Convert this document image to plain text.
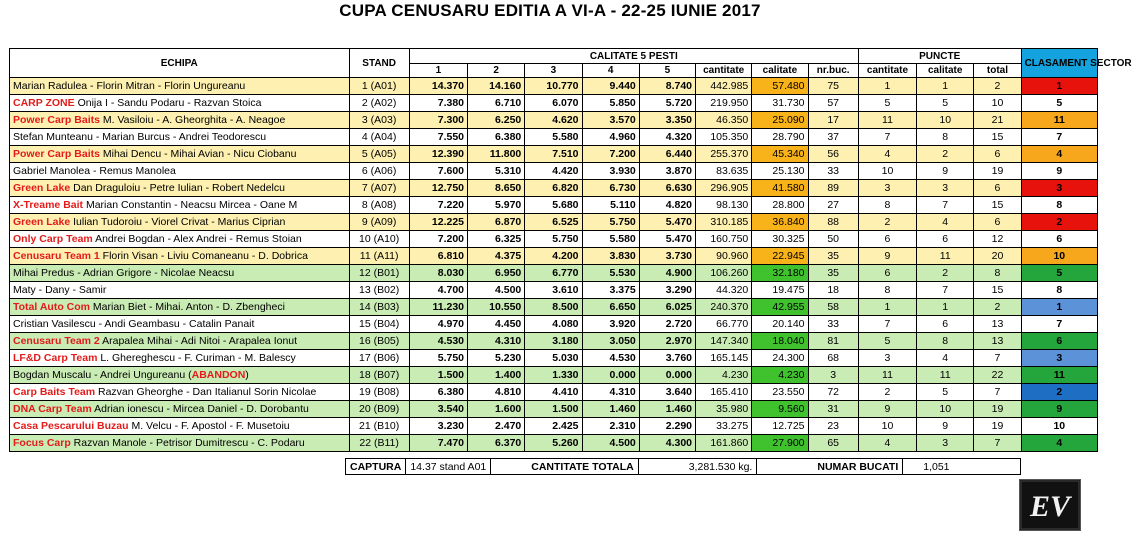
CUPA CENUSARU EDITIA A VI-A - 22-25 IUNIE 2017
ECHIPA	STAND	CALITATE 5 PESTI								PUNCTE			CLASAMENT SECTOR
		1	2	3	4	5	cantitate	calitate	nr.buc.	cantitate	calitate	total	
Marian Radulea - Florin Mitran - Florin Ungureanu	1 (A01)	14.370	14.160	10.770	9.440	8.740	442.985	57.480	75	1	1	2	1
CARP ZONE Onija I - Sandu Podaru - Razvan Stoica	2 (A02)	7.380	6.710	6.070	5.850	5.720	219.950	31.730	57	5	5	10	5
Power Carp Baits M. Vasiloiu - A. Gheorghita - A. Neagoe	3 (A03)	7.300	6.250	4.620	3.570	3.350	46.350	25.090	17	11	10	21	11
Stefan Munteanu - Marian Burcus - Andrei Teodorescu	4 (A04)	7.550	6.380	5.580	4.960	4.320	105.350	28.790	37	7	8	15	7
Power Carp Baits Mihai Dencu - Mihai Avian - Nicu Ciobanu	5 (A05)	12.390	11.800	7.510	7.200	6.440	255.370	45.340	56	4	2	6	4
Gabriel Manolea - Remus Manolea	6 (A06)	7.600	5.310	4.420	3.930	3.870	83.635	25.130	33	10	9	19	9
Green Lake Dan Draguloiu - Petre Iulian - Robert Nedelcu	7 (A07)	12.750	8.650	6.820	6.730	6.630	296.905	41.580	89	3	3	6	3
X-Treame Bait Marian Constantin - Neacsu Mircea - Oane M	8 (A08)	7.220	5.970	5.680	5.110	4.820	98.130	28.800	27	8	7	15	8
Green Lake Iulian Tudoroiu - Viorel Crivat - Marius Ciprian	9 (A09)	12.225	6.870	6.525	5.750	5.470	310.185	36.840	88	2	4	6	2
Only Carp Team Andrei Bogdan - Alex Andrei - Remus Stoian	10 (A10)	7.200	6.325	5.750	5.580	5.470	160.750	30.325	50	6	6	12	6
Cenusaru Team 1 Florin Visan - Liviu Comaneanu - D. Dobrica	11 (A11)	6.810	4.375	4.200	3.830	3.730	90.960	22.945	35	9	11	20	10
Mihai Predus - Adrian Grigore - Nicolae Neacsu	12 (B01)	8.030	6.950	6.770	5.530	4.900	106.260	32.180	35	6	2	8	5
Maty - Dany - Samir	13 (B02)	4.700	4.500	3.610	3.375	3.290	44.320	19.475	18	8	7	15	8
Total Auto Com Marian Biet - Mihai. Anton - D. Zbengheci	14 (B03)	11.230	10.550	8.500	6.650	6.025	240.370	42.955	58	1	1	2	1
Cristian Vasilescu - Andi Geambasu - Catalin Panait	15 (B04)	4.970	4.450	4.080	3.920	2.720	66.770	20.140	33	7	6	13	7
Cenusaru Team 2 Arapalea Mihai - Adi Nitoi - Arapalea Ionut	16 (B05)	4.530	4.310	3.180	3.050	2.970	147.340	18.040	81	5	8	13	6
LF&D Carp Team L. Ghereghescu - F. Curiman - M. Balescy	17 (B06)	5.750	5.230	5.030	4.530	3.760	165.145	24.300	68	3	4	7	3
Bogdan Muscalu - Andrei Ungureanu (ABANDON)	18 (B07)	1.500	1.400	1.330	0.000	0.000	4.230	4.230	3	11	11	22	11
Carp Baits Team Razvan Gheorghe - Dan Italianul Sorin Nicolae	19 (B08)	6.380	4.810	4.410	4.310	3.640	165.410	23.550	72	2	5	7	2
DNA Carp Team Adrian ionescu - Mircea Daniel - D. Dorobantu	20 (B09)	3.540	1.600	1.500	1.460	1.460	35.980	9.560	31	9	10	19	9
Casa Pescarului Buzau M. Velcu - F. Apostol - F. Musetoiu	21 (B10)	3.230	2.470	2.425	2.310	2.290	33.275	12.725	23	10	9	19	10
Focus Carp Razvan Manole - Petrisor Dumitrescu - C. Podaru	22 (B11)	7.470	6.370	5.260	4.500	4.300	161.860	27.900	65	4	3	7	4
CAPTURA	14.37 stand A01	CANTITATE TOTALA	3,281.530 kg.	NUMAR BUCATI	1,051
EV
